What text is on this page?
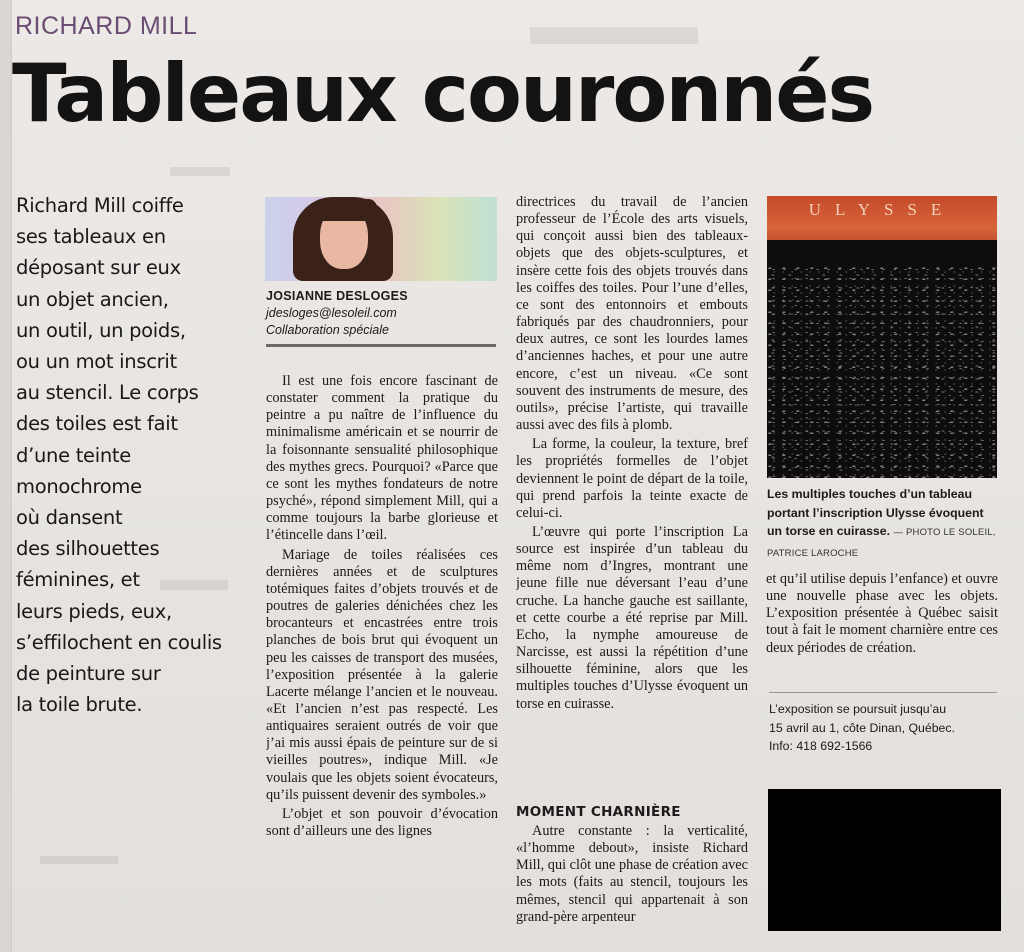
▬▬▬
▬▬
▬▬
▬▬▬
RICHARD MILL
Tableaux couronnés
Richard Mill coiffe
ses tableaux en
déposant sur eux
un objet ancien,
un outil, un poids,
ou un mot inscrit
au stencil. Le corps
des toiles est fait
d’une teinte
monochrome
où dansent
des silhouettes
féminines, et
leurs pieds, eux,
s’effilochent en coulis
de peinture sur
la toile brute.
JOSIANNE DESLOGES
jdesloges@lesoleil.com
Collaboration spéciale

Il est une fois encore fascinant de constater comment la pratique du peintre a pu naître de l’influence du minimalisme américain et se nourrir de la foisonnante sensualité philosophique des mythes grecs. Pourquoi? «Parce que ce sont les mythes fondateurs de notre psyché», répond simplement Mill, qui a comme toujours la barbe glorieuse et l’étincelle dans l’œil.

Mariage de toiles réalisées ces dernières années et de sculptures totémiques faites d’objets trouvés et de poutres de galeries dénichées chez les brocanteurs et encastrées entre trois planches de bois brut qui évoquent un peu les caisses de transport des musées, l’exposition présentée à la galerie Lacerte mélange l’ancien et le nouveau. «Et l’ancien n’est pas respecté. Les antiquaires seraient outrés de voir que j’ai mis aussi épais de peinture sur de si vieilles poutres», indique Mill. «Je voulais que les objets soient évocateurs, qu’ils puissent devenir des symboles.»

L’objet et son pouvoir d’évocation sont d’ailleurs une des lignes

directrices du travail de l’ancien professeur de l’École des arts visuels, qui conçoit aussi bien des tableaux-objets que des objets-sculptures, et insère cette fois des objets trouvés dans les coiffes des toiles. Pour l’une d’elles, ce sont des entonnoirs et embouts fabriqués par des chaudronniers, pour deux autres, ce sont les lourdes lames d’anciennes haches, et pour une autre encore, c’est un niveau. «Ce sont souvent des instruments de mesure, des outils», précise l’artiste, qui travaille aussi avec des fils à plomb.

La forme, la couleur, la texture, bref les propriétés formelles de l’objet deviennent le point de départ de la toile, qui prend parfois la teinte exacte de celui-ci.

L’œuvre qui porte l’inscription La source est inspirée d’un tableau du même nom d’Ingres, montrant une jeune fille nue déversant l’eau d’une cruche. La hanche gauche est saillante, et cette courbe a été reprise par Mill. Echo, la nymphe amoureuse de Narcisse, est aussi la répétition d’une silhouette féminine, alors que les multiples touches d’Ulysse évoquent un torse en cuirasse.

MOMENT CHARNIÈRE

Autre constante : la verticalité, «l’homme debout», insiste Richard Mill, qui clôt une phase de création avec les mots (faits au stencil, toujours les mêmes, stencil qui appartenait à son grand-père arpenteur

ULYSSE
Les multiples touches d’un tableau portant l’inscription Ulysse évoquent un torse en cuirasse. — PHOTO LE SOLEIL, PATRICE LAROCHE

et qu’il utilise depuis l’enfance) et ouvre une nouvelle phase avec les objets. L’exposition présentée à Québec saisit tout à fait le moment charnière entre ces deux périodes de création.

L’exposition se poursuit jusqu’au
15 avril au 1, côte Dinan, Québec.
Info: 418 692-1566
